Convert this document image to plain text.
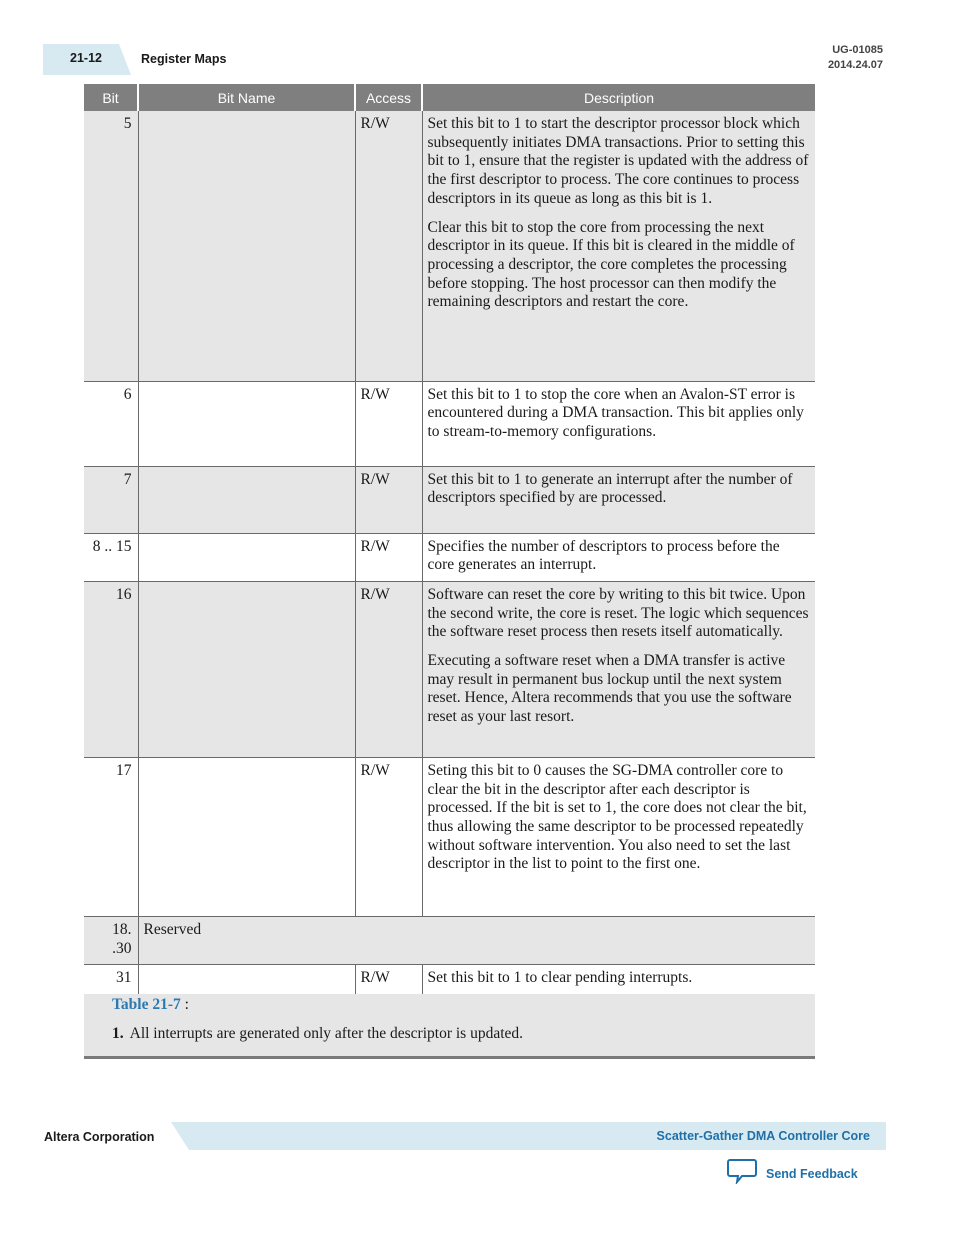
21-12	Register Maps
UG-01085
2014.24.07
Bit	Bit Name	Access	Description
5		R/W	Set this bit to 1 to start the descriptor processor block which subsequently initiates DMA transactions. Prior to setting this bit to 1, ensure that the register is updated with the address of the first descriptor to process. The core continues to process descriptors in its queue as long as this bit is 1.

Clear this bit to stop the core from processing the next descriptor in its queue. If this bit is cleared in the middle of processing a descriptor, the core completes the processing before stopping. The host processor can then modify the remaining descriptors and restart the core.

6		R/W	Set this bit to 1 to stop the core when an Avalon-ST error is encountered during a DMA transaction. This bit applies only to stream-to-memory configurations.

7		R/W	Set this bit to 1 to generate an interrupt after the number of descriptors specified by are processed.

8 .. 15		R/W	Specifies the number of descriptors to process before the core generates an interrupt.

16		R/W	Software can reset the core by writing to this bit twice. Upon the second write, the core is reset. The logic which sequences the software reset process then resets itself automatically.

Executing a software reset when a DMA transfer is active may result in permanent bus lockup until the next system reset. Hence, Altera recommends that you use the software reset as your last resort.

17		R/W	Seting this bit to 0 causes the SG-DMA controller core to clear the bit in the descriptor after each descriptor is processed. If the bit is set to 1, the core does not clear the bit, thus allowing the same descriptor to be processed repeatedly without software intervention. You also need to set the last descriptor in the list to point to the first one.

18. .30	Reserved		
31		R/W	Set this bit to 1 to clear pending interrupts.

Table 21-7 :
1. All interrupts are generated only after the descriptor is updated.
Altera Corporation	Scatter-Gather DMA Controller Core
Send Feedback
